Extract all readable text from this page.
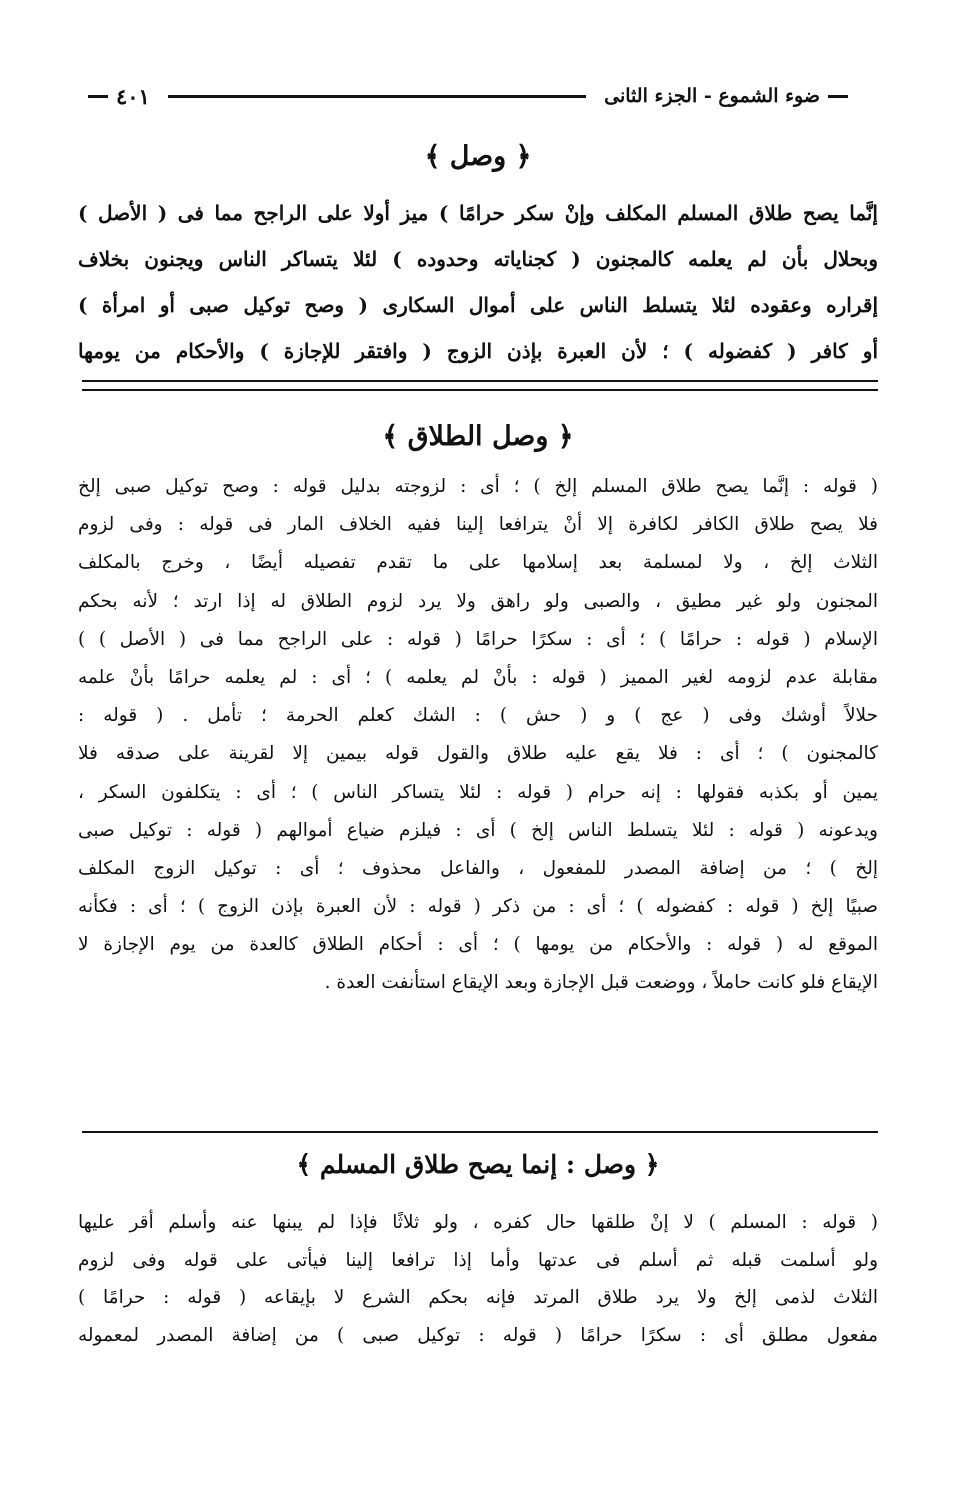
ضوء الشموع - الجزء الثانى
٤٠١
﴿ وصل ﴾

إنَّما يصح طلاق المسلم المكلف وإنْ سكر حرامًا ) ميز أولا على الراجح مما فى ( الأصل )

وبحلال بأن لم يعلمه كالمجنون ( كجناياته وحدوده ) لئلا يتساكر الناس ويجنون بخلاف

إقراره وعقوده لئلا يتسلط الناس على أموال السكارى ( وصح توكيل صبى أو امرأة )

أو كافر ( كفضوله ) ؛ لأن العبرة بإذن الزوج ( وافتقر للإجازة ) والأحكام من يومها

﴿ وصل الطلاق ﴾

( قوله : إنَّما يصح طلاق المسلم إلخ ) ؛ أى : لزوجته بدليل قوله : وصح توكيل صبى إلخ

فلا يصح طلاق الكافر لكافرة إلا أنْ يترافعا إلينا ففيه الخلاف المار فى قوله : وفى لزوم

الثلاث إلخ ، ولا لمسلمة بعد إسلامها على ما تقدم تفصيله أيضًا ، وخرج بالمكلف

المجنون ولو غير مطيق ، والصبى ولو راهق ولا يرد لزوم الطلاق له إذا ارتد ؛ لأنه بحكم

الإسلام ( قوله : حرامًا ) ؛ أى : سكرًا حرامًا ( قوله : على الراجح مما فى ( الأصل ) )

مقابلة عدم لزومه لغير المميز ( قوله : بأنْ لم يعلمه ) ؛ أى : لم يعلمه حرامًا بأنْ علمه

حلالاً أوشك وفى ( عج ) و ( حش ) : الشك كعلم الحرمة ؛ تأمل . ( قوله :

كالمجنون ) ؛ أى : فلا يقع عليه طلاق والقول قوله بيمين إلا لقرينة على صدقه فلا

يمين أو بكذبه فقولها : إنه حرام ( قوله : لئلا يتساكر الناس ) ؛ أى : يتكلفون السكر ،

ويدعونه ( قوله : لئلا يتسلط الناس إلخ ) أى : فيلزم ضياع أموالهم ( قوله : توكيل صبى

إلخ ) ؛ من إضافة المصدر للمفعول ، والفاعل محذوف ؛ أى : توكيل الزوج المكلف

صبيًا إلخ ( قوله : كفضوله ) ؛ أى : من ذكر ( قوله : لأن العبرة بإذن الزوج ) ؛ أى : فكأنه

الموقع له ( قوله : والأحكام من يومها ) ؛ أى : أحكام الطلاق كالعدة من يوم الإجازة لا

الإيقاع فلو كانت حاملاً ، ووضعت قبل الإجازة وبعد الإيقاع استأنفت العدة .

﴿ وصل : إنما يصح طلاق المسلم ﴾

( قوله : المسلم ) لا إنْ طلقها حال كفره ، ولو ثلاثًا فإذا لم يبنها عنه وأسلم أقر عليها

ولو أسلمت قبله ثم أسلم فى عدتها وأما إذا ترافعا إلينا فيأتى على قوله وفى لزوم

الثلاث لذمى إلخ ولا يرد طلاق المرتد فإنه بحكم الشرع لا بإيقاعه ( قوله : حرامًا )

مفعول مطلق أى : سكرًا حرامًا ( قوله : توكيل صبى ) من إضافة المصدر لمعموله
